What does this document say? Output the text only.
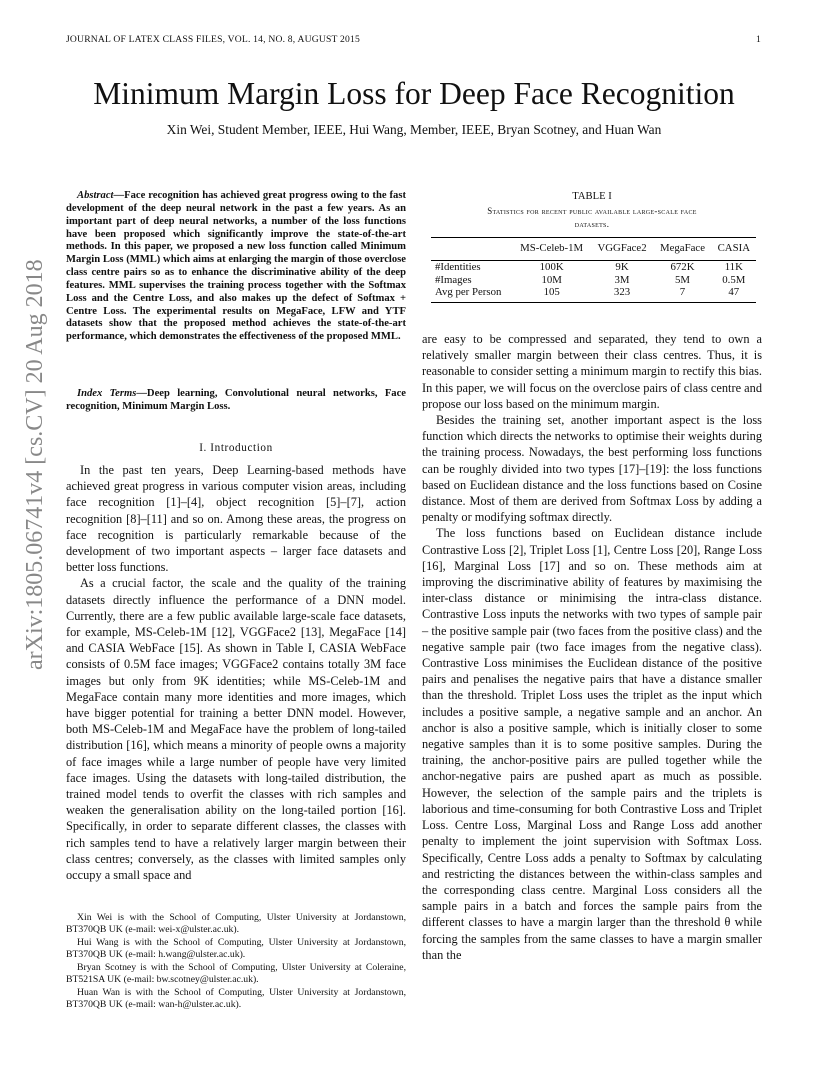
JOURNAL OF LATEX CLASS FILES, VOL. 14, NO. 8, AUGUST 2015	1
Minimum Margin Loss for Deep Face Recognition
Xin Wei, Student Member, IEEE, Hui Wang, Member, IEEE, Bryan Scotney, and Huan Wan
arXiv:1805.06741v4 [cs.CV] 20 Aug 2018

Abstract—Face recognition has achieved great progress owing to the fast development of the deep neural network in the past a few years. As an important part of deep neural networks, a number of the loss functions have been proposed which significantly improve the state-of-the-art methods. In this paper, we proposed a new loss function called Minimum Margin Loss (MML) which aims at enlarging the margin of those overclose class centre pairs so as to enhance the discriminative ability of the deep features. MML supervises the training process together with the Softmax Loss and the Centre Loss, and also makes up the defect of Softmax + Centre Loss. The experimental results on MegaFace, LFW and YTF datasets show that the proposed method achieves the state-of-the-art performance, which demonstrates the effectiveness of the proposed MML.

Index Terms—Deep learning, Convolutional neural networks, Face recognition, Minimum Margin Loss.

I. Introduction

In the past ten years, Deep Learning-based methods have achieved great progress in various computer vision areas, including face recognition [1]–[4], object recognition [5]–[7], action recognition [8]–[11] and so on. Among these areas, the progress on face recognition is particularly remarkable because of the development of two important aspects – larger face datasets and better loss functions.

As a crucial factor, the scale and the quality of the training datasets directly influence the performance of a DNN model. Currently, there are a few public available large-scale face datasets, for example, MS-Celeb-1M [12], VGGFace2 [13], MegaFace [14] and CASIA WebFace [15]. As shown in Table I, CASIA WebFace consists of 0.5M face images; VGGFace2 contains totally 3M face images but only from 9K identities; while MS-Celeb-1M and MegaFace contain many more identities and more images, which have bigger potential for training a better DNN model. However, both MS-Celeb-1M and MegaFace have the problem of long-tailed distribution [16], which means a minority of people owns a majority of face images while a large number of people have very limited face images. Using the datasets with long-tailed distribution, the trained model tends to overfit the classes with rich samples and weaken the generalisation ability on the long-tailed portion [16]. Specifically, in order to separate different classes, the classes with rich samples tend to have a relatively larger margin between their class centres; conversely, as the classes with limited samples only occupy a small space and

Xin Wei is with the School of Computing, Ulster University at Jordanstown, BT370QB UK (e-mail: wei-x@ulster.ac.uk).

Hui Wang is with the School of Computing, Ulster University at Jordanstown, BT370QB UK (e-mail: h.wang@ulster.ac.uk).

Bryan Scotney is with the School of Computing, Ulster University at Coleraine, BT521SA UK (e-mail: bw.scotney@ulster.ac.uk).

Huan Wan is with the School of Computing, Ulster University at Jordanstown, BT370QB UK (e-mail: wan-h@ulster.ac.uk).

TABLE I
Statistics for recent public available large-scale face
datasets.
	MS-Celeb-1M	VGGFace2	MegaFace	CASIA
#Identities	100K	9K	672K	11K
#Images	10M	3M	5M	0.5M
Avg per Person	105	323	7	47

are easy to be compressed and separated, they tend to own a relatively smaller margin between their class centres. Thus, it is reasonable to consider setting a minimum margin to rectify this bias. In this paper, we will focus on the overclose pairs of class centre and propose our loss based on the minimum margin.

Besides the training set, another important aspect is the loss function which directs the networks to optimise their weights during the training process. Nowadays, the best performing loss functions can be roughly divided into two types [17]–[19]: the loss functions based on Euclidean distance and the loss functions based on Cosine distance. Most of them are derived from Softmax Loss by adding a penalty or modifying softmax directly.

The loss functions based on Euclidean distance include Contrastive Loss [2], Triplet Loss [1], Centre Loss [20], Range Loss [16], Marginal Loss [17] and so on. These methods aim at improving the discriminative ability of features by maximising the inter-class distance or minimising the intra-class distance. Contrastive Loss inputs the networks with two types of sample pair – the positive sample pair (two faces from the positive class) and the negative sample pair (two face images from the negative class). Contrastive Loss minimises the Euclidean distance of the positive pairs and penalises the negative pairs that have a distance smaller than the threshold. Triplet Loss uses the triplet as the input which includes a positive sample, a negative sample and an anchor. An anchor is also a positive sample, which is initially closer to some negative samples than it is to some positive samples. During the training, the anchor-positive pairs are pulled together while the anchor-negative pairs are pushed apart as much as possible. However, the selection of the sample pairs and the triplets is laborious and time-consuming for both Contrastive Loss and Triplet Loss. Centre Loss, Marginal Loss and Range Loss add another penalty to implement the joint supervision with Softmax Loss. Specifically, Centre Loss adds a penalty to Softmax by calculating and restricting the distances between the within-class samples and the corresponding class centre. Marginal Loss considers all the sample pairs in a batch and forces the sample pairs from the different classes to have a margin larger than the threshold θ while forcing the samples from the same classes to have a margin smaller than the
